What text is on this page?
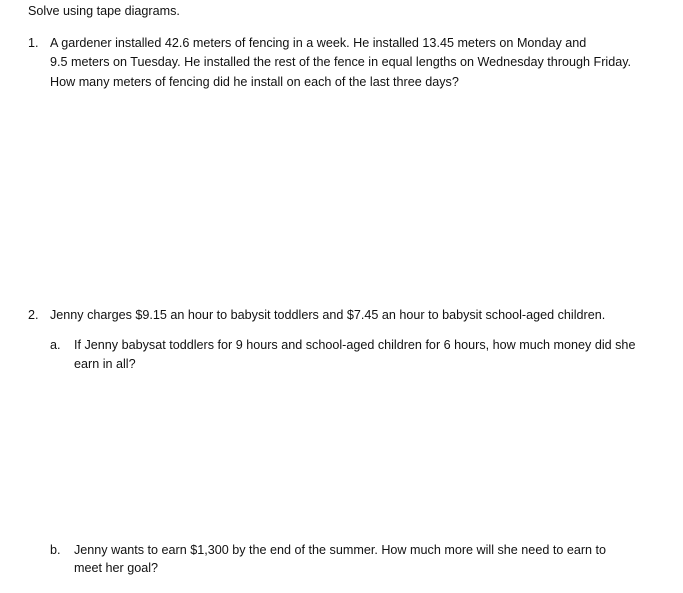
Solve using tape diagrams.
1. A gardener installed 42.6 meters of fencing in a week. He installed 13.45 meters on Monday and
9.5 meters on Tuesday. He installed the rest of the fence in equal lengths on Wednesday through Friday.
How many meters of fencing did he install on each of the last three days?
2. Jenny charges $9.15 an hour to babysit toddlers and $7.45 an hour to babysit school-aged children.
a. If Jenny babysat toddlers for 9 hours and school-aged children for 6 hours, how much money did she
earn in all?
b. Jenny wants to earn $1,300 by the end of the summer. How much more will she need to earn to
meet her goal?
